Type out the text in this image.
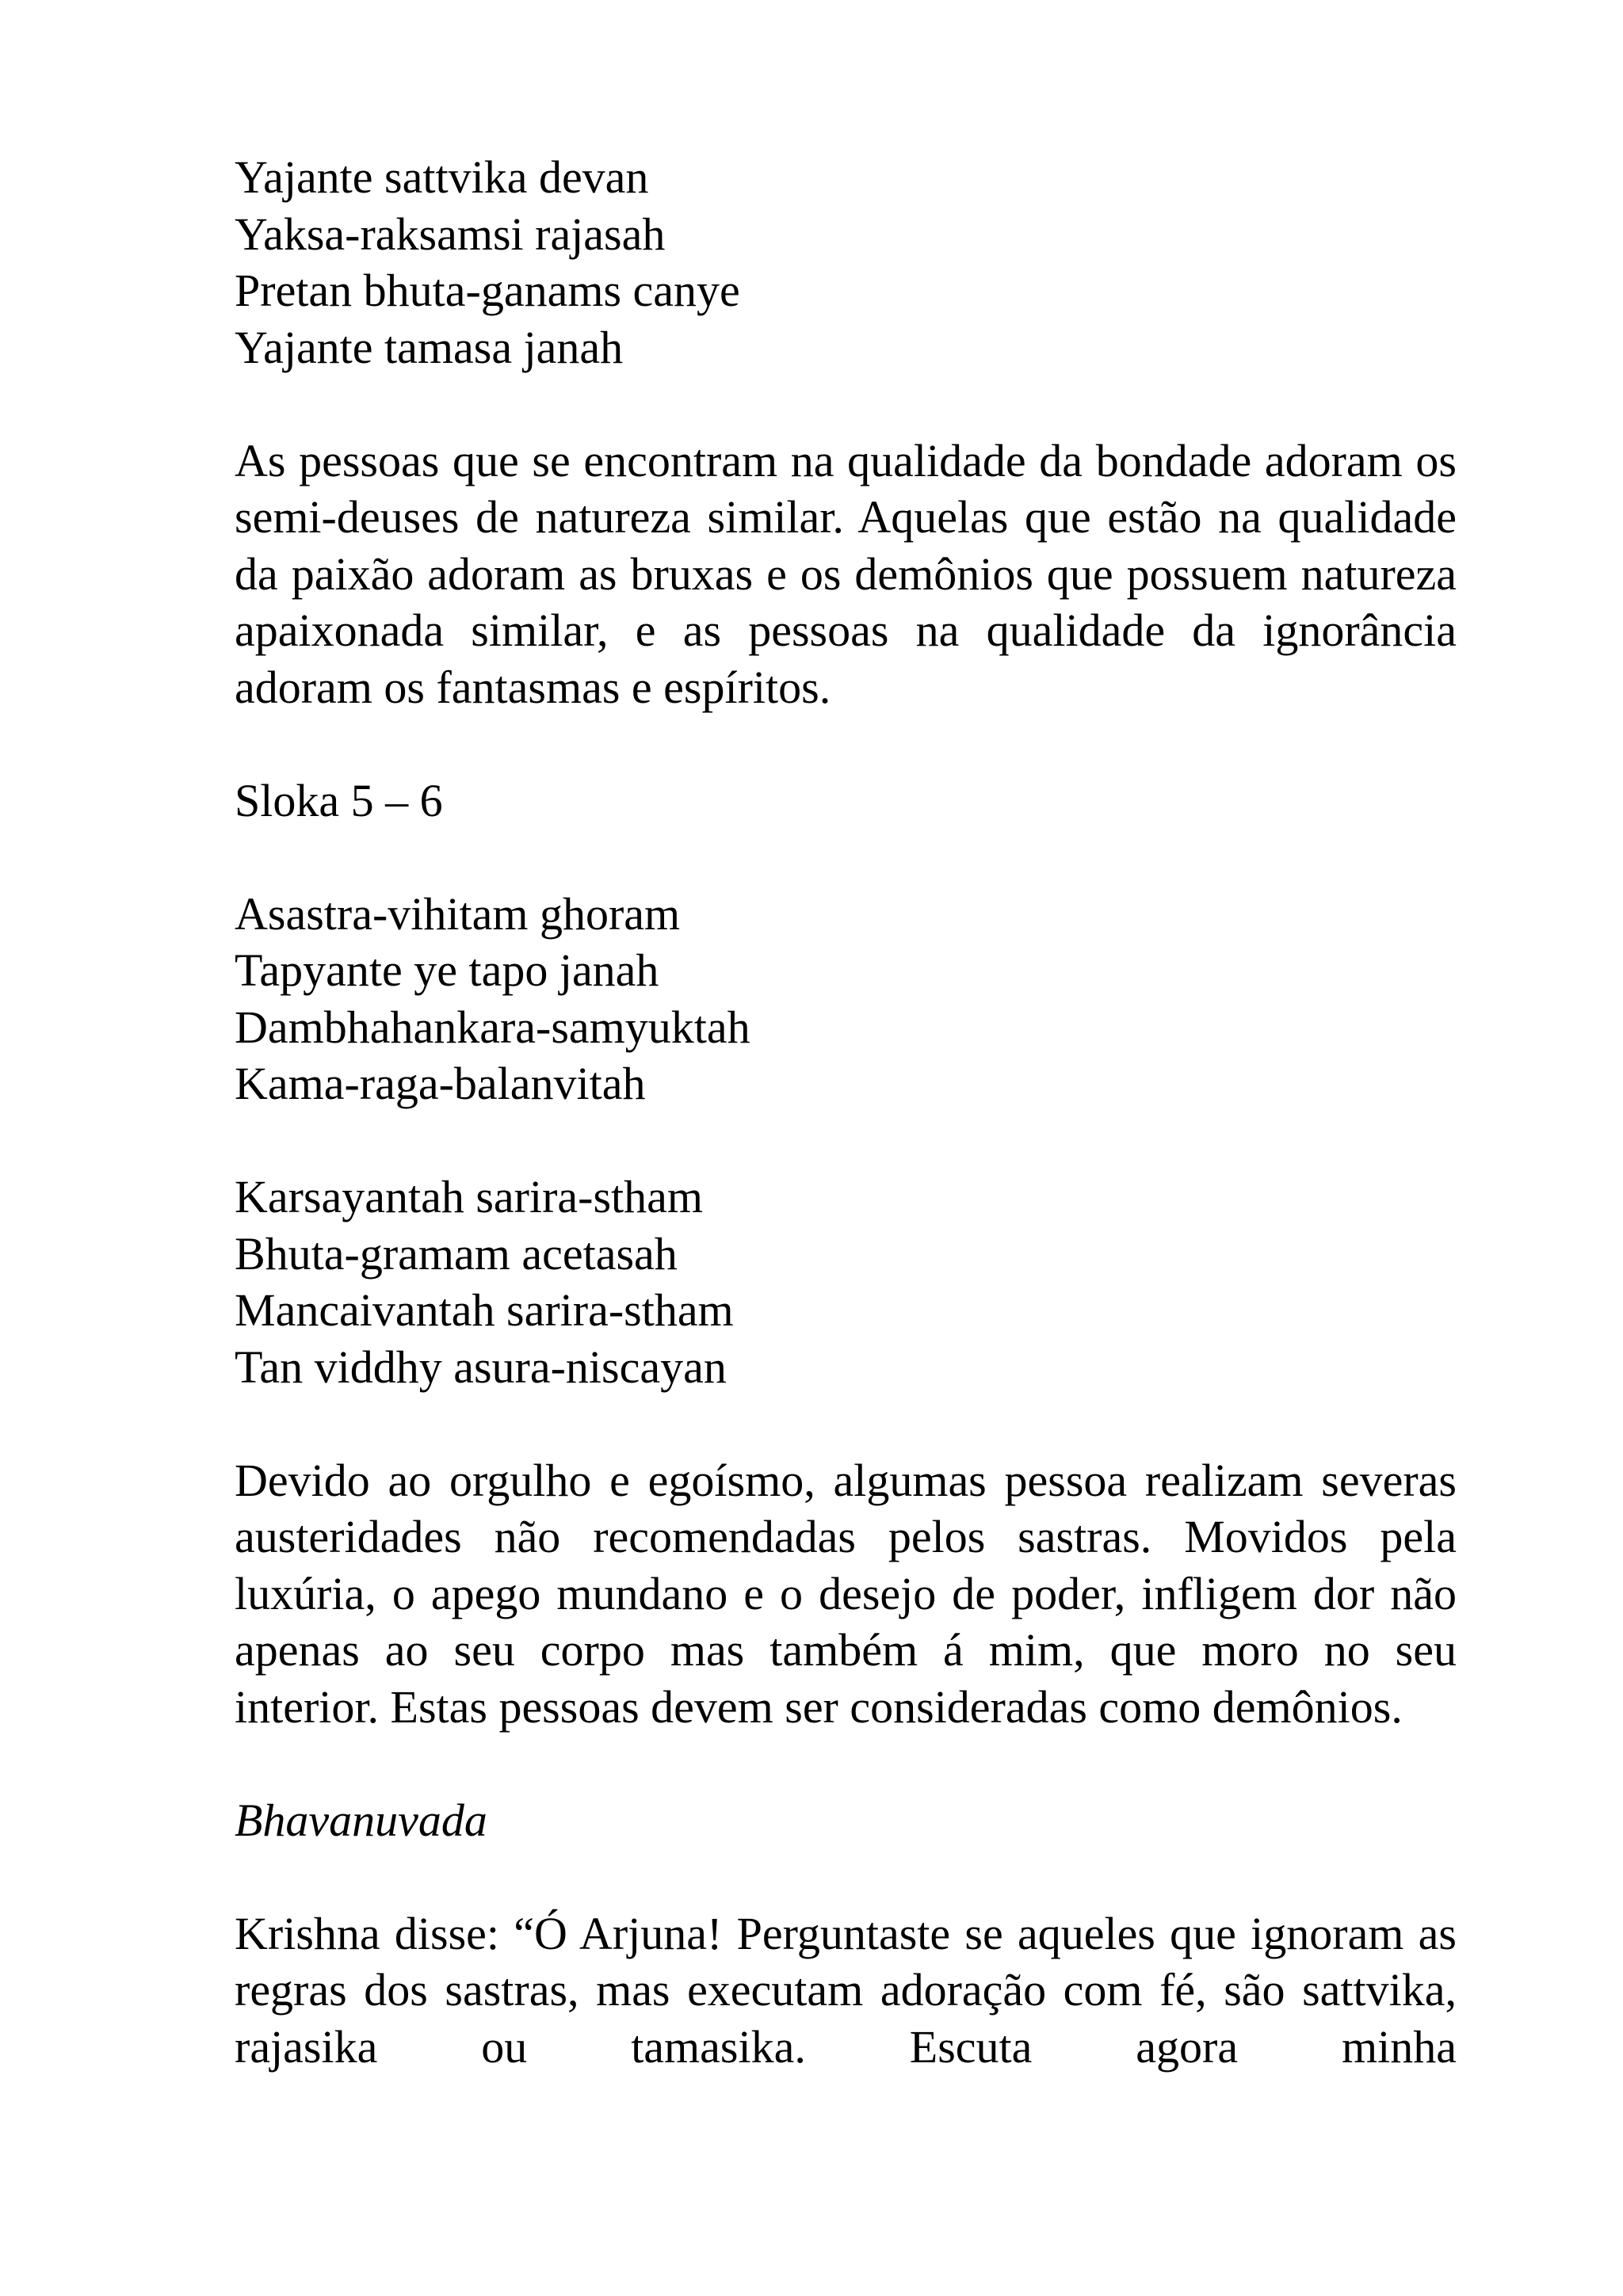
Yajante sattvika devan
Yaksa-raksamsi rajasah
Pretan bhuta-ganams canye
Yajante tamasa janah

As pessoas que se encontram na qualidade da bondade adoram os semi-deuses de natureza similar. Aquelas que estão na qualidade da paixão adoram as bruxas e os demônios que possuem natureza apaixonada similar, e as pessoas na qualidade da ignorância adoram os fantasmas e espíritos.

Sloka 5 – 6

Asastra-vihitam ghoram
Tapyante ye tapo janah
Dambhahankara-samyuktah
Kama-raga-balanvitah
Karsayantah sarira-stham
Bhuta-gramam acetasah
Mancaivantah sarira-stham
Tan viddhy asura-niscayan

Devido ao orgulho e egoísmo, algumas pessoa realizam severas austeridades não recomendadas pelos sastras. Movidos pela luxúria, o apego mundano e o desejo de poder, infligem dor não apenas ao seu corpo mas também á mim, que moro no seu interior. Estas pessoas devem ser consideradas como demônios.

Bhavanuvada

Krishna disse: “Ó Arjuna! Perguntaste se aqueles que ignoram as regras dos sastras, mas executam adoração com fé, são sattvika, rajasika ou tamasika. Escuta agora minha
